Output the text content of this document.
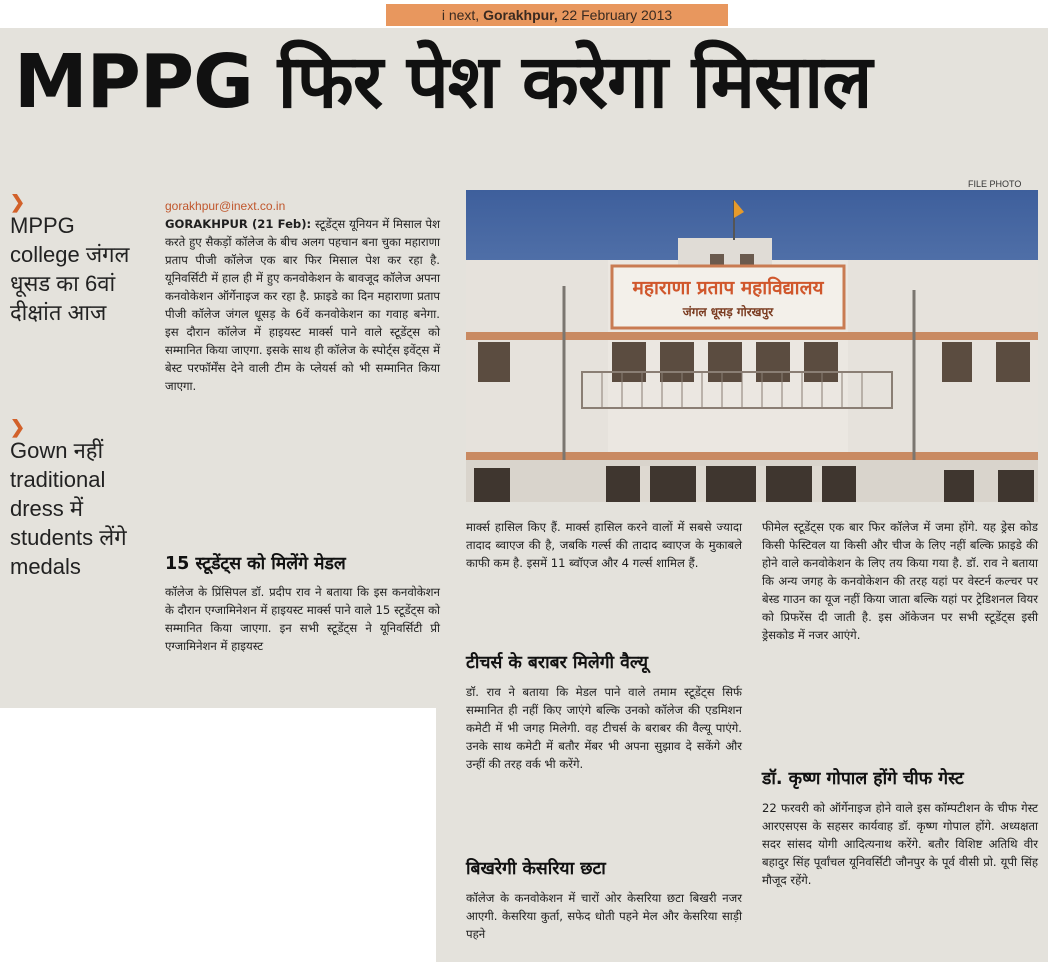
i next, Gorakhpur, 22 February 2013
MPPG फिर पेश करेगा मिसाल
❯
MPPG college जंगल धूसड का 6वां दीक्षांत आज
❯
Gown नहीं traditional dress में students लेंगे medals
gorakhpur@inext.co.in
GORAKHPUR (21 Feb): स्टूडेंट्स यूनियन में मिसाल पेश करते हुए सैकड़ों कॉलेज के बीच अलग पहचान बना चुका महाराणा प्रताप पीजी कॉलेज एक बार फिर मिसाल पेश कर रहा है. यूनिवर्सिटी में हाल ही में हुए कनवोकेशन के बावजूद कॉलेज अपना कनवोकेशन ऑर्गेनाइज कर रहा है. फ्राइडे का दिन महाराणा प्रताप पीजी कॉलेज जंगल धूसड़ के 6वें कनवोकेशन का गवाह बनेगा. इस दौरान कॉलेज में हाइयस्ट मार्क्स पाने वाले स्टूडेंट्स को सम्मानित किया जाएगा. इसके साथ ही कॉलेज के स्पोर्ट्स इवेंट्स में बेस्ट परफॉर्मेंस देने वाली टीम के प्लेयर्स को भी सम्मानित किया जाएगा.
15 स्टूडेंट्स को मिलेंगे मेडल
कॉलेज के प्रिंसिपल डॉ. प्रदीप राव ने बताया कि इस कनवोकेशन के दौरान एग्जामिनेशन में हाइयस्ट मार्क्स पाने वाले 15 स्टूडेंट्स को सम्मानित किया जाएगा. इन सभी स्टूडेंट्स ने यूनिवर्सिटी प्री एग्जामिनेशन में हाइयस्ट
FILE PHOTO
महाराणा प्रताप महाविद्यालय
जंगल धूसड़ गोरखपुर
मार्क्स हासिल किए हैं. मार्क्स हासिल करने वालों में सबसे ज्यादा तादाद ब्वाएज की है, जबकि गर्ल्स की तादाद ब्वाएज के मुकाबले काफी कम है. इसमें 11 ब्वॉएज और 4 गर्ल्स शामिल हैं.
टीचर्स के बराबर मिलेगी वैल्यू
डॉ. राव ने बताया कि मेडल पाने वाले तमाम स्टूडेंट्स सिर्फ सम्मानित ही नहीं किए जाएंगे बल्कि उनको कॉलेज की एडमिशन कमेटी में भी जगह मिलेगी. वह टीचर्स के बराबर की वैल्यू पाएंगे. उनके साथ कमेटी में बतौर मेंबर भी अपना सुझाव दे सकेंगे और उन्हीं की तरह वर्क भी करेंगे.
बिखरेगी केसरिया छटा
कॉलेज के कनवोकेशन में चारों ओर केसरिया छटा बिखरी नजर आएगी. केसरिया कुर्ता, सफेद धोती पहने मेल और केसरिया साड़ी पहने
फीमेल स्टूडेंट्स एक बार फिर कॉलेज में जमा होंगे. यह ड्रेस कोड किसी फेस्टिवल या किसी और चीज के लिए नहीं बल्कि फ्राइडे की होने वाले कनवोकेशन के लिए तय किया गया है. डॉ. राव ने बताया कि अन्य जगह के कनवोकेशन की तरह यहां पर वेस्टर्न कल्चर पर बेस्ड गाउन का यूज नहीं किया जाता बल्कि यहां पर ट्रेडिशनल वियर को प्रिफरेंस दी जाती है. इस ऑकेजन पर सभी स्टूडेंट्स इसी ड्रेसकोड में नजर आएंगे.
डॉ. कृष्ण गोपाल होंगे चीफ गेस्ट
22 फरवरी को ऑर्गेनाइज होने वाले इस कॉम्पटीशन के चीफ गेस्ट आरएसएस के सहसर कार्यवाह डॉ. कृष्ण गोपाल होंगे. अध्यक्षता सदर सांसद योगी आदित्यनाथ करेंगे. बतौर विशिष्ट अतिथि वीर बहादुर सिंह पूर्वांचल यूनिवर्सिटी जौनपुर के पूर्व वीसी प्रो. यूपी सिंह मौजूद रहेंगे.
